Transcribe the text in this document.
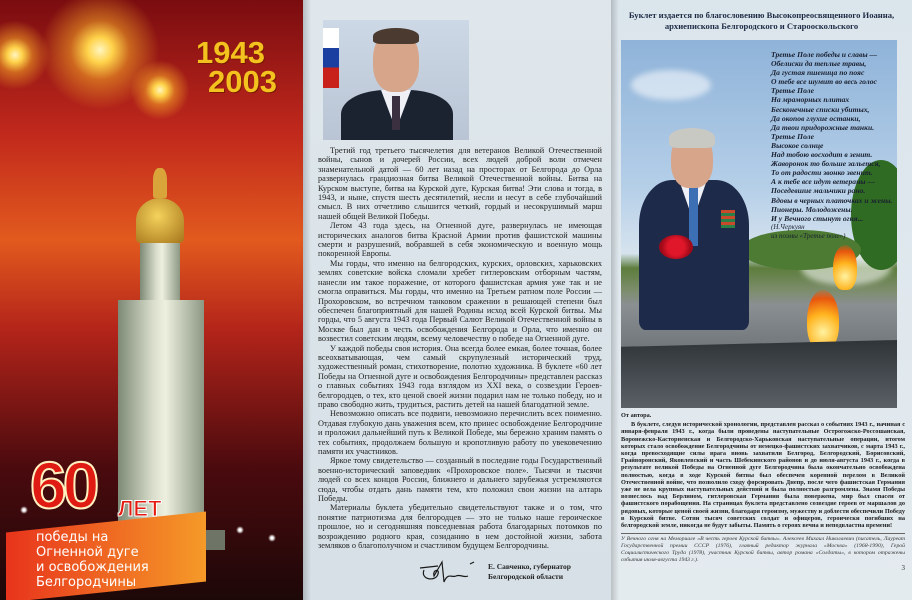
1943
2003
60 ЛЕТ
победы на
Огненной дуге
и освобождения
Белгородчины

Третий год третьего тысячелетия для ветеранов Великой Отечественной войны, сынов и дочерей России, всех людей доброй воли отмечен знаменательной датой — 60 лет назад на просторах от Белгорода до Орла развернулась грандиозная битва Великой Отечественной войны. Битва на Курском выступе, битва на Курской дуге, Курская битва! Эти слова и тогда, в 1943, и ныне, спустя шесть десятилетий, несли и несут в себе глубочайший смысл. В них отчетливо слышится четкий, гордый и несокрушимый марш нашей общей Великой Победы.

Летом 43 года здесь, на Огненной дуге, развернулась не имеющая исторических аналогов битва Красной Армии против фашистской машины смерти и разрушений, вобравшей в себя экономическую и военную мощь покоренной Европы.

Мы горды, что именно на белгородских, курских, орловских, харьковских землях советские войска сломали хребет гитлеровским отборным частям, нанесли им такое поражение, от которого фашистская армия уже так и не смогла оправиться. Мы горды, что именно на Третьем ратном поле России — Прохоровском, во встречном танковом сражении в решающей степени был обеспечен благоприятный для нашей Родины исход всей Курской битвы. Мы горды, что 5 августа 1943 года Первый Салют Великой Отечественной войны в Москве был дан в честь освобождения Белгорода и Орла, что именно он возвестил советским людям, всему человечеству о победе на Огненной дуге.

У каждой победы своя история. Она всегда более емкая, более точная, более всеохватывающая, чем самый скрупулезный исторический труд, художественный роман, стихотворение, полотно художника. В буклете «60 лет Победы на Огненной дуге и освобождения Белгородчины» представлен рассказ о главных событиях 1943 года взглядом из XXI века, о созвездии Героев-белгородцев, о тех, кто ценой своей жизни подарил нам не только победу, но и право свободно жить, трудиться, растить детей на нашей благодатной земле.

Невозможно описать все подвиги, невозможно перечислить всех поименно. Отдавая глубокую дань уважения всем, кто принес освобождение Белгородчине и проложил дальнейший путь к Великой Победе, мы бережно храним память о тех событиях, продолжаем большую и кропотливую работу по увековечению памяти их участников.

Яркое тому свидетельство — созданный в последние годы Государственный военно-исторический заповедник «Прохоровское поле». Тысячи и тысячи людей со всех концов России, ближнего и дальнего зарубежья устремляются сюда, чтобы отдать дань памяти тем, кто положил свои жизни на алтарь Победы.

Материалы буклета убедительно свидетельствуют также и о том, что понятие патриотизма для белгородцев — это не только наше героическое прошлое, но и сегодняшняя повседневная работа благодарных потомков по возрождению родного края, созиданию в нем достойной жизни, забота земляков о благополучном и счастливом будущем Белгородчины.

Е. Савченко, губернатор
Белгородской области
Буклет издается по благословению Высокопреосвященного Иоанна,
архиепископа Белгородского и Старооскольского
Третье Поле победы и славы —
Обелиски да теплые травы,
Да густая пшеница по пояс
О тебе все шумит во весь голос
Третье Поле
На мраморных плитах
Бесконечные списки убитых,
Да окопов глухие останки,
Да твои придорожные танки.
Третье Поле
Высокое солнце
Над тобою восходит в зенит.
Жаворонок то больше зальется,
То от радости звонко звенит.
А к тебе все идут ветераны —
Поседевшие мальчики рано.
Вдовы в черных платочках и жены.
Пионеры. Молодожены.
И у Вечного стынут огня...
(Н.Черкуян
из поэмы «Третье поле»)

От автора.

В буклете, следуя исторической хронологии, представлен рассказ о событиях 1943 г., начиная с января-февраля 1943 г., когда были проведены наступательные Острогожско-Россошанская, Воронежско-Касторненская и Белгородско-Харьковская наступательные операции, итогом которых стало освобождение Белгородчины от немецко-фашистских захватчиков, с марта 1943 г., когда превосходящие силы врага вновь захватили Белгород, Белгородский, Борисовский, Грайворонский, Яковлевский и часть Шебекинского районов и до июля-августа 1943 г., когда в результате великой Победы на Огненной дуге Белгородчина была окончательно освобождена полностью, когда в ходе Курской битвы был обеспечен коренной перелом в Великой Отечественной войне, что позволило сходу форсировать Днепр, после чего фашистская Германия уже не вела крупных наступательных действий и была полностью разгромлена. Знамя Победы вознеслось над Берлином, гитлеровская Германия была повержена, мир был спасен от фашистского порабощения. На страницах буклета представлено созвездие героев от маршалов до рядовых, которые ценой своей жизни, благодаря героизму, мужеству и доблести обеспечили Победу в Курской битве. Сотни тысяч советских солдат и офицеров, героически погибших на белгородской земле, никогда не будут забыты. Память о героях вечна и неподвластна времени!

У Вечного огня на Мемориале «В честь героев Курской битвы». Алексеев Михаил Николаевич (писатель, Лауреат Государственной премии СССР (1976), главный редактор журнала «Москва» (1968-1990), Герой Социалистического Труда (1978), участник Курской битвы, автор романа «Солдаты», в котором отражены события июля-августа 1943 г.).
3
